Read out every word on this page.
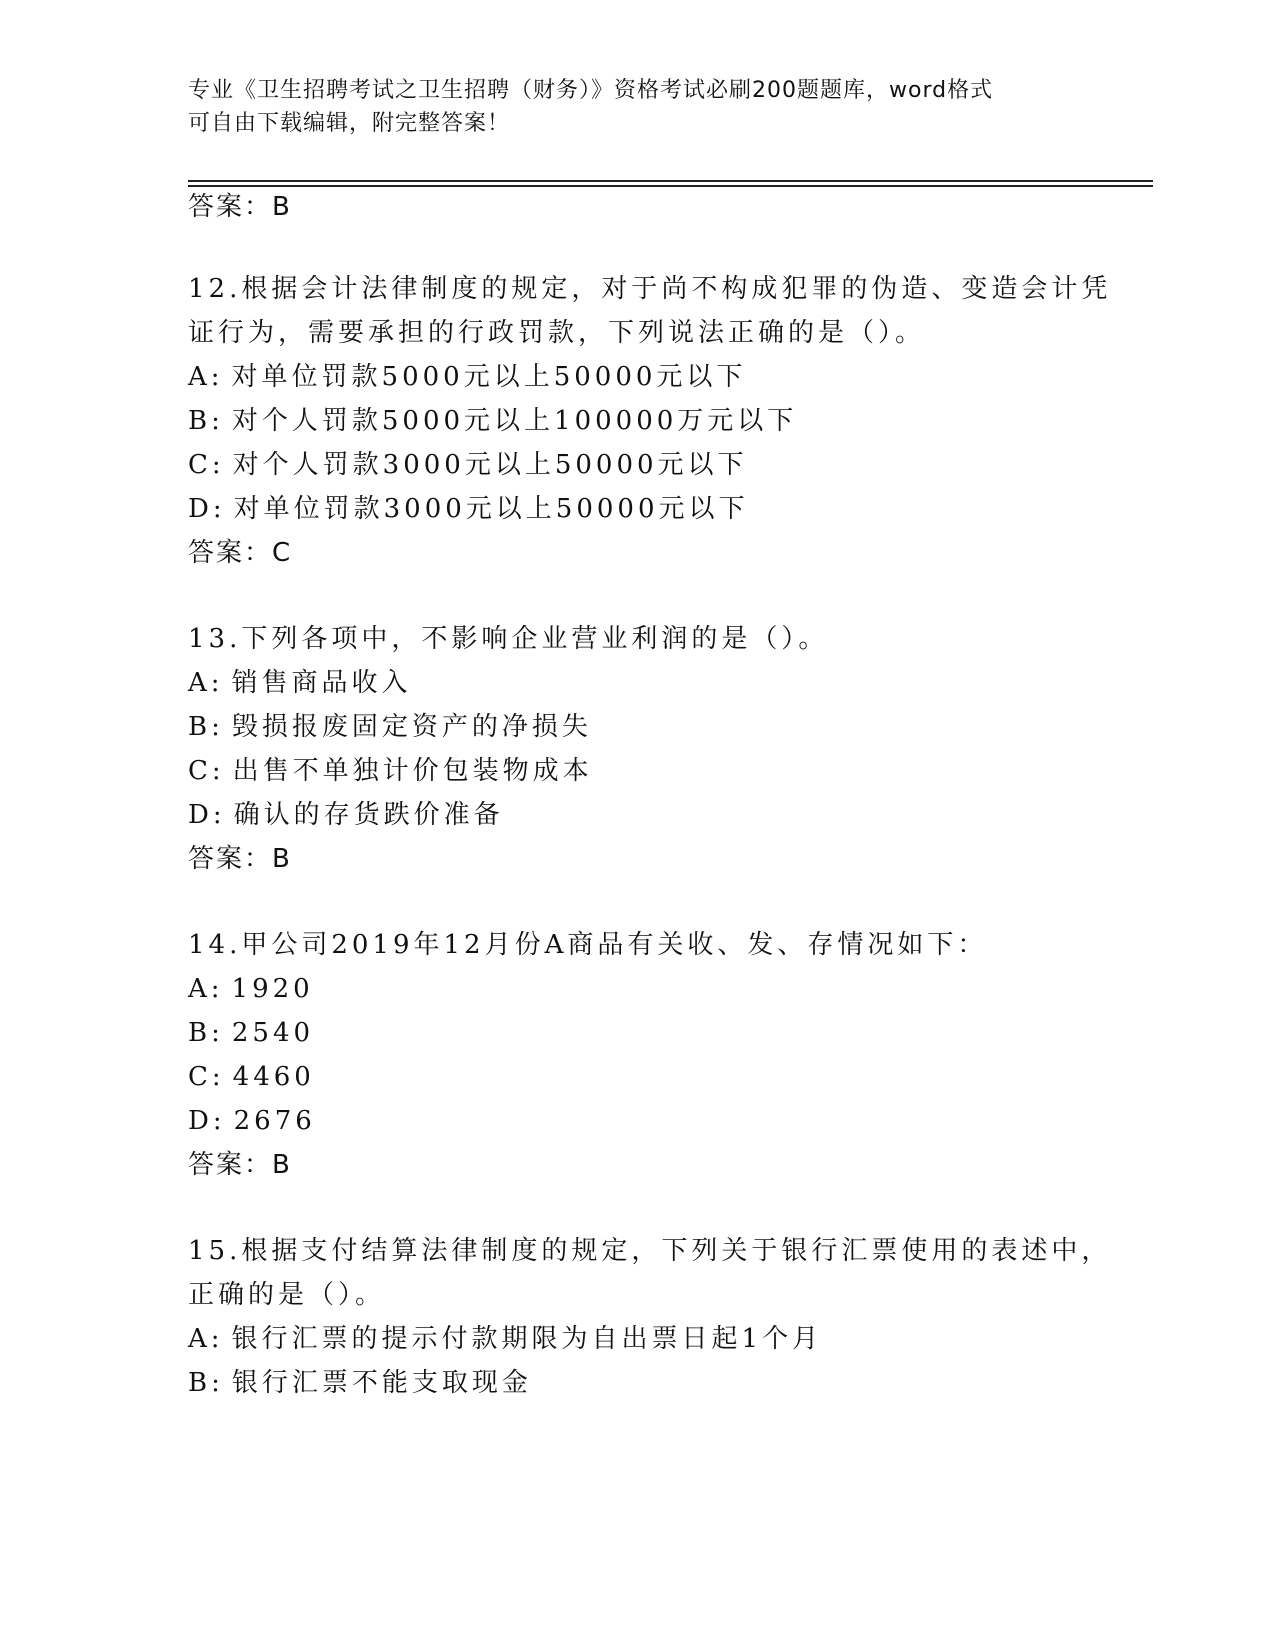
专业《卫生招聘考试之卫生招聘（财务）》资格考试必刷200题题库，word格式
可自由下载编辑，附完整答案！
答案：B
12.根据会计法律制度的规定，对于尚不构成犯罪的伪造、变造会计凭
证行为，需要承担的行政罚款，下列说法正确的是（）。
A: 对单位罚款5000元以上50000元以下
B: 对个人罚款5000元以上100000万元以下
C: 对个人罚款3000元以上50000元以下
D: 对单位罚款3000元以上50000元以下
答案：C
13.下列各项中，不影响企业营业利润的是（）。
A: 销售商品收入
B: 毁损报废固定资产的净损失
C: 出售不单独计价包装物成本
D: 确认的存货跌价准备
答案：B
14.甲公司2019年12月份A商品有关收、发、存情况如下：
A: 1920
B: 2540
C: 4460
D: 2676
答案：B
15.根据支付结算法律制度的规定，下列关于银行汇票使用的表述中，
正确的是（）。
A: 银行汇票的提示付款期限为自出票日起1个月
B: 银行汇票不能支取现金
